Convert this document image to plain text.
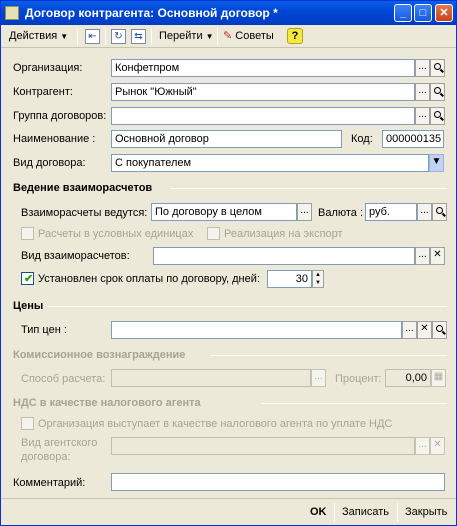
Договор контрагента: Основной договор *	_	□	✕
Действия ▼	⇤	↻	⇆	Перейти ▼ ✎ Советы	?
Организация:	Конфетпром	...
Контрагент:	Рынок "Южный"	...
Группа договоров:	...
Наименование :	Основной договор	Код:	000000135
Вид договора:	С покупателем	▼
Ведение взаиморасчетов
Взаиморасчеты ведутся: По договору в целом	... Валюта : руб.	...
Расчеты в условных единицах	Реализация на экспорт
Вид взаиморасчетов:	... ✕
✔ Установлен срок оплаты по договору, дней:	30	▲
▼
Цены
Тип цен :	... ✕
Комиссионное вознаграждение
Способ расчета:	...	Процент:	0,00 ▦
НДС в качестве налогового агента
Организация выступает в качестве налогового агента по уплате НДС
Вид агентского
договора:
... ✕
Комментарий:
OK Записать Закрыть
